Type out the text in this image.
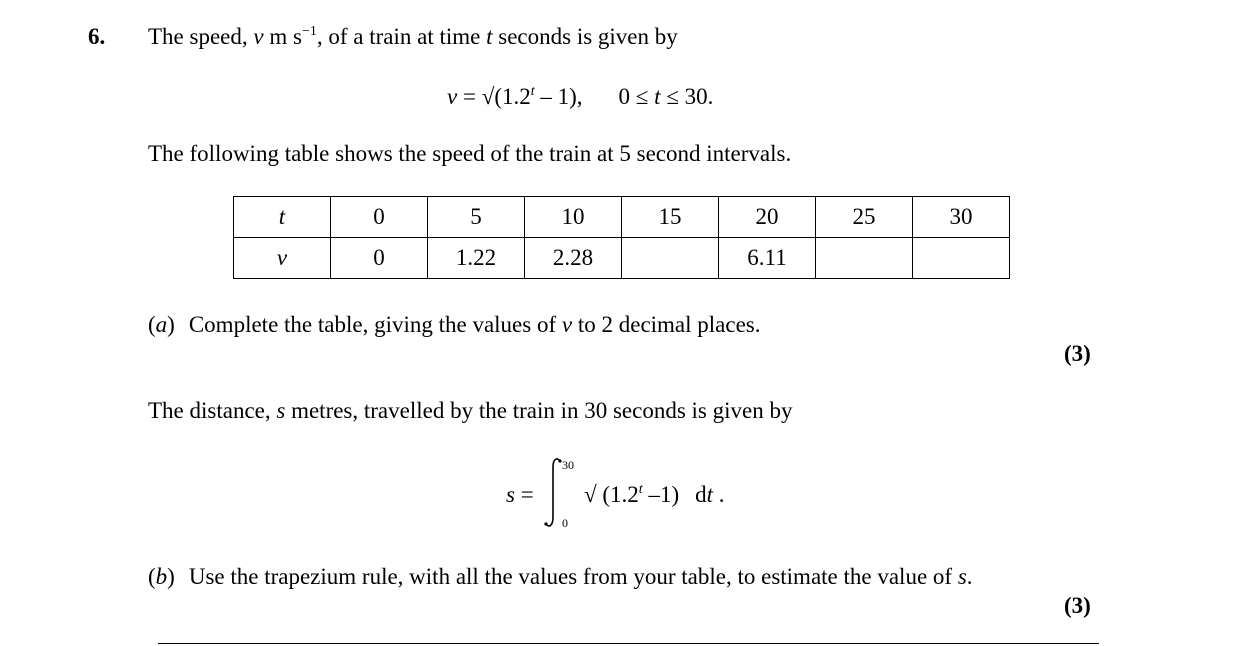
6. The speed, v m $s^{-1}$, of a train at time t seconds is given by
$v = √(1.2^t - 1)$, 0 ≤ t ≤ 30.
The following table shows the speed of the train at 5 second intervals.
t	0	5	10	15	20	25	30
v	0	1.22	2.28		6.11		
(a) Complete the table, giving the values of v to 2 decimal places.
(3)
The distance, s metres, travelled by the train in 30 seconds is given by
s =
30
0
√ (1.2$^t$ –1) dt .
(b) Use the trapezium rule, with all the values from your table, to estimate the value of s.
(3)
